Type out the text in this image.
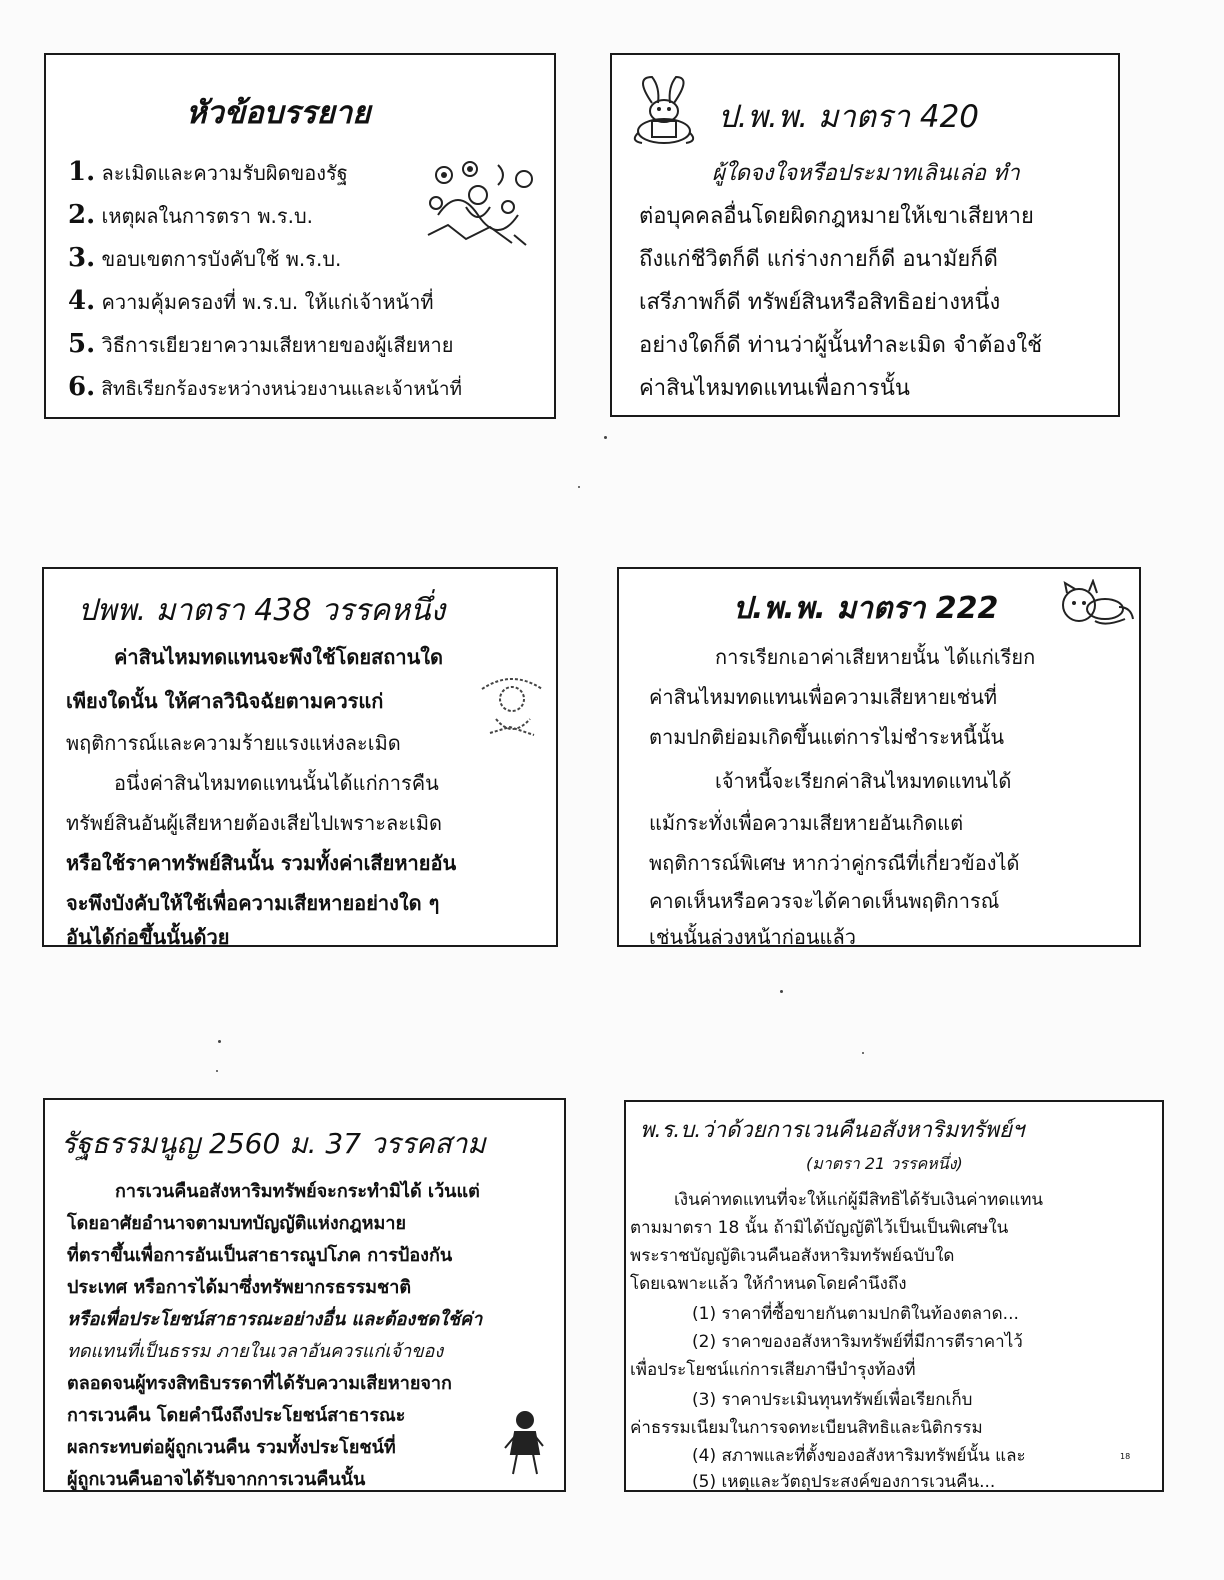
หัวข้อบรรยาย
1. ละเมิดและความรับผิดของรัฐ
2. เหตุผลในการตรา พ.ร.บ.
3. ขอบเขตการบังคับใช้ พ.ร.บ.
4. ความคุ้มครองที่ พ.ร.บ. ให้แก่เจ้าหน้าที่
5. วิธีการเยียวยาความเสียหายของผู้เสียหาย
6. สิทธิเรียกร้องระหว่างหน่วยงานและเจ้าหน้าที่
ป.พ.พ. มาตรา 420
ผู้ใดจงใจหรือประมาทเลินเล่อ ทำ
ต่อบุคคลอื่นโดยผิดกฎหมายให้เขาเสียหาย
ถึงแก่ชีวิตก็ดี แก่ร่างกายก็ดี อนามัยก็ดี
เสรีภาพก็ดี ทรัพย์สินหรือสิทธิอย่างหนึ่ง
อย่างใดก็ดี ท่านว่าผู้นั้นทำละเมิด จำต้องใช้
ค่าสินไหมทดแทนเพื่อการนั้น
ปพพ. มาตรา 438 วรรคหนึ่ง
ค่าสินไหมทดแทนจะพึงใช้โดยสถานใด
เพียงใดนั้น ให้ศาลวินิจฉัยตามควรแก่
พฤติการณ์และความร้ายแรงแห่งละเมิด
อนึ่งค่าสินไหมทดแทนนั้นได้แก่การคืน
ทรัพย์สินอันผู้เสียหายต้องเสียไปเพราะละเมิด
หรือใช้ราคาทรัพย์สินนั้น รวมทั้งค่าเสียหายอัน
จะพึงบังคับให้ใช้เพื่อความเสียหายอย่างใด ๆ
อันได้ก่อขึ้นนั้นด้วย
ป.พ.พ. มาตรา 222
การเรียกเอาค่าเสียหายนั้น ได้แก่เรียก
ค่าสินไหมทดแทนเพื่อความเสียหายเช่นที่
ตามปกติย่อมเกิดขึ้นแต่การไม่ชำระหนี้นั้น
เจ้าหนี้จะเรียกค่าสินไหมทดแทนได้
แม้กระทั่งเพื่อความเสียหายอันเกิดแต่
พฤติการณ์พิเศษ หากว่าคู่กรณีที่เกี่ยวข้องได้
คาดเห็นหรือควรจะได้คาดเห็นพฤติการณ์
เช่นนั้นล่วงหน้าก่อนแล้ว
รัฐธรรมนูญ 2560 ม. 37 วรรคสาม
การเวนคืนอสังหาริมทรัพย์จะกระทำมิได้ เว้นแต่
โดยอาศัยอำนาจตามบทบัญญัติแห่งกฎหมาย
ที่ตราขึ้นเพื่อการอันเป็นสาธารณูปโภค การป้องกัน
ประเทศ หรือการได้มาซึ่งทรัพยากรธรรมชาติ
หรือเพื่อประโยชน์สาธารณะอย่างอื่น และต้องชดใช้ค่า
ทดแทนที่เป็นธรรม ภายในเวลาอันควรแก่เจ้าของ
ตลอดจนผู้ทรงสิทธิบรรดาที่ได้รับความเสียหายจาก
การเวนคืน โดยคำนึงถึงประโยชน์สาธารณะ
ผลกระทบต่อผู้ถูกเวนคืน รวมทั้งประโยชน์ที่
ผู้ถูกเวนคืนอาจได้รับจากการเวนคืนนั้น
พ.ร.บ.ว่าด้วยการเวนคืนอสังหาริมทรัพย์ฯ
(มาตรา 21 วรรคหนึ่ง)
เงินค่าทดแทนที่จะให้แก่ผู้มีสิทธิได้รับเงินค่าทดแทน
ตามมาตรา 18 นั้น ถ้ามิได้บัญญัติไว้เป็นเป็นพิเศษใน
พระราชบัญญัติเวนคืนอสังหาริมทรัพย์ฉบับใด
โดยเฉพาะแล้ว ให้กำหนดโดยคำนึงถึง
(1) ราคาที่ซื้อขายกันตามปกติในท้องตลาด...
(2) ราคาของอสังหาริมทรัพย์ที่มีการตีราคาไว้
เพื่อประโยชน์แก่การเสียภาษีบำรุงท้องที่
(3) ราคาประเมินทุนทรัพย์เพื่อเรียกเก็บ
ค่าธรรมเนียมในการจดทะเบียนสิทธิและนิติกรรม
(4) สภาพและที่ตั้งของอสังหาริมทรัพย์นั้น และ
(5) เหตุและวัตถุประสงค์ของการเวนคืน...
18
